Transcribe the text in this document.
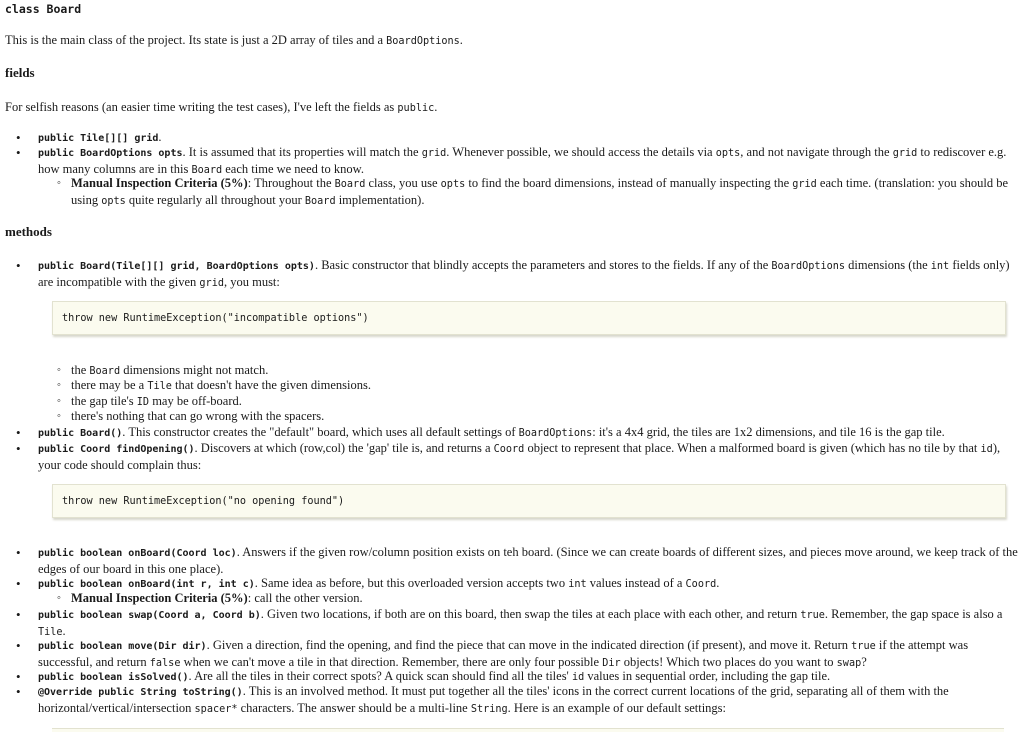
class Board
This is the main class of the project. Its state is just a 2D array of tiles and a BoardOptions.
fields
For selfish reasons (an easier time writing the test cases), I've left the fields as public.
• public Tile[][] grid.
• public BoardOptions opts. It is assumed that its properties will match the grid. Whenever possible, we should access the details via opts, and not navigate through the grid to rediscover e.g. how many columns are in this Board each time we need to know.
◦ Manual Inspection Criteria (5%): Throughout the Board class, you use opts to find the board dimensions, instead of manually inspecting the grid each time. (translation: you should be using opts quite regularly all throughout your Board implementation).
methods
• public Board(Tile[][] grid, BoardOptions opts). Basic constructor that blindly accepts the parameters and stores to the fields. If any of the BoardOptions dimensions (the int fields only) are incompatible with the given grid, you must:
throw new RuntimeException("incompatible options")
◦ the Board dimensions might not match.
◦ there may be a Tile that doesn't have the given dimensions.
◦ the gap tile's ID may be off-board.
◦ there's nothing that can go wrong with the spacers.
• public Board(). This constructor creates the "default" board, which uses all default settings of BoardOptions: it's a 4x4 grid, the tiles are 1x2 dimensions, and tile 16 is the gap tile.
• public Coord findOpening(). Discovers at which (row,col) the 'gap' tile is, and returns a Coord object to represent that place. When a malformed board is given (which has no tile by that id), your code should complain thus:
throw new RuntimeException("no opening found")
• public boolean onBoard(Coord loc). Answers if the given row/column position exists on teh board. (Since we can create boards of different sizes, and pieces move around, we keep track of the edges of our board in this one place).
• public boolean onBoard(int r, int c). Same idea as before, but this overloaded version accepts two int values instead of a Coord.
◦ Manual Inspection Criteria (5%): call the other version.
• public boolean swap(Coord a, Coord b). Given two locations, if both are on this board, then swap the tiles at each place with each other, and return true. Remember, the gap space is also a Tile.
• public boolean move(Dir dir). Given a direction, find the opening, and find the piece that can move in the indicated direction (if present), and move it. Return true if the attempt was successful, and return false when we can't move a tile in that direction. Remember, there are only four possible Dir objects! Which two places do you want to swap?
• public boolean isSolved(). Are all the tiles in their correct spots? A quick scan should find all the tiles' id values in sequential order, including the gap tile.
• @Override public String toString(). This is an involved method. It must put together all the tiles' icons in the correct current locations of the grid, separating all of them with the horizontal/vertical/intersection spacer* characters. The answer should be a multi-line String. Here is an example of our default settings:
